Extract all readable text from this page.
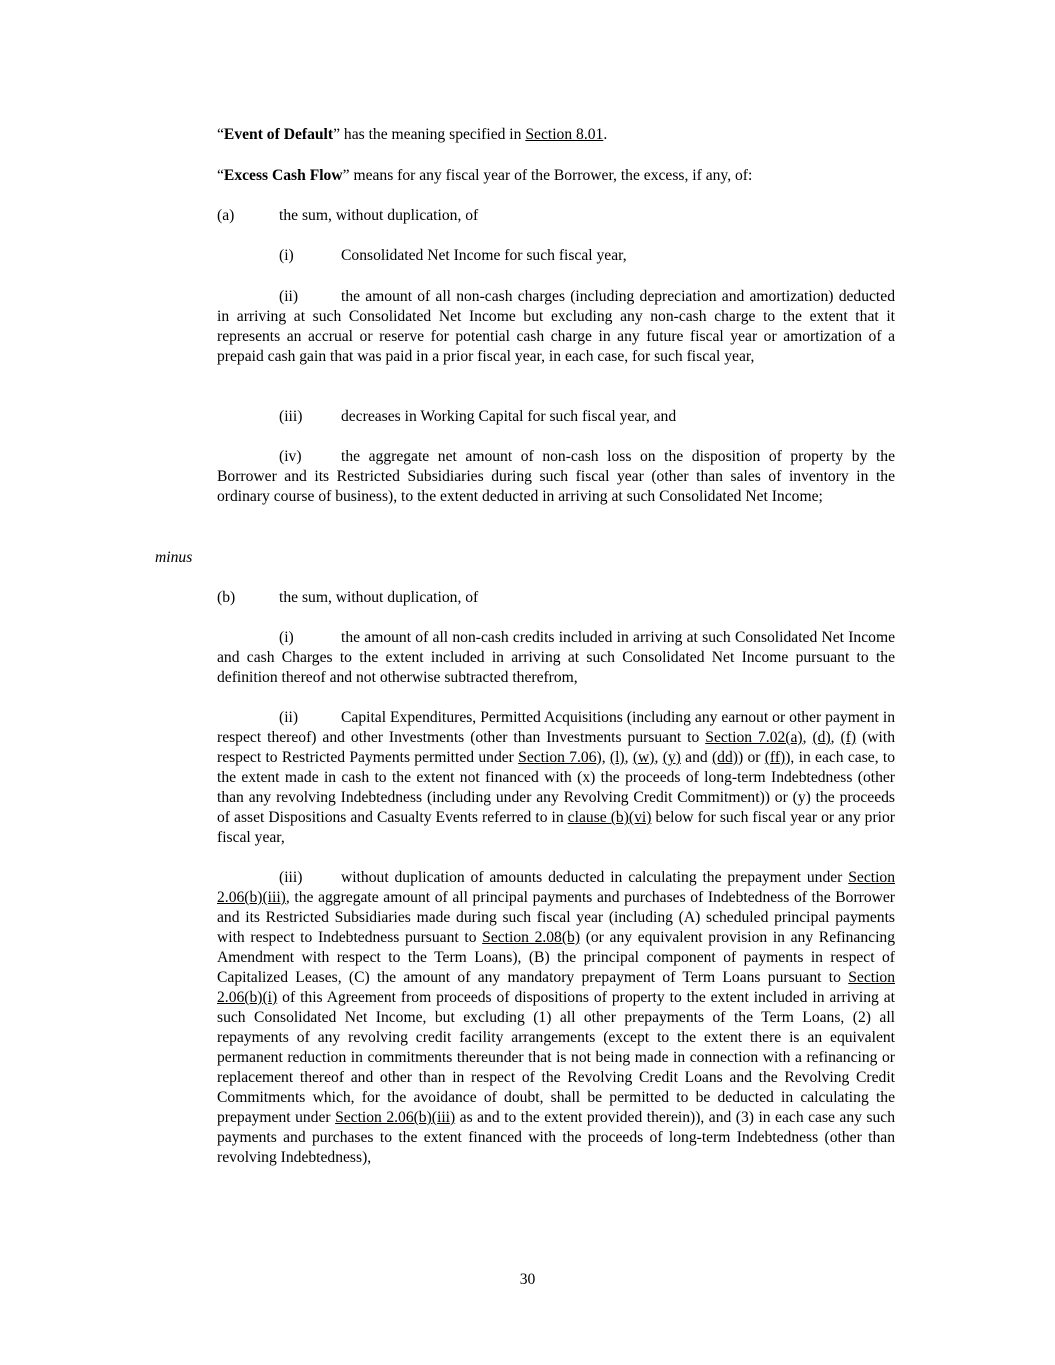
“Event of Default” has the meaning specified in Section 8.01.

“Excess Cash Flow” means for any fiscal year of the Borrower, the excess, if any, of:

(a)	the sum, without duplication, of

(i)	Consolidated Net Income for such fiscal year,

(ii)	the amount of all non-cash charges (including depreciation and amortization) deducted in arriving at such Consolidated Net Income but excluding any non-cash charge to the extent that it represents an accrual or reserve for potential cash charge in any future fiscal year or amortization of a prepaid cash gain that was paid in a prior fiscal year, in each case, for such fiscal year,

(iii) decreases in Working Capital for such fiscal year, and

(iv)	the aggregate net amount of non-cash loss on the disposition of property by the Borrower and its Restricted Subsidiaries during such fiscal year (other than sales of inventory in the ordinary course of business), to the extent deducted in arriving at such Consolidated Net Income;

minus

(b)	the sum, without duplication, of

(i)	the amount of all non-cash credits included in arriving at such Consolidated Net Income and cash Charges to the extent included in arriving at such Consolidated Net Income pursuant to the definition thereof and not otherwise subtracted therefrom,

(ii)	Capital Expenditures, Permitted Acquisitions (including any earnout or other payment in respect thereof) and other Investments (other than Investments pursuant to Section 7.02(a), (d), (f) (with respect to Restricted Payments permitted under Section 7.06), (l), (w), (y) and (dd)) or (ff)), in each case, to the extent made in cash to the extent not financed with (x) the proceeds of long-term Indebtedness (other than any revolving Indebtedness (including under any Revolving Credit Commitment)) or (y) the proceeds of asset Dispositions and Casualty Events referred to in clause (b)(vi) below for such fiscal year or any prior fiscal year,

(iii) without duplication of amounts deducted in calculating the prepayment under Section 2.06(b)(iii), the aggregate amount of all principal payments and purchases of Indebtedness of the Borrower and its Restricted Subsidiaries made during such fiscal year (including (A) scheduled principal payments with respect to Indebtedness pursuant to Section 2.08(b) (or any equivalent provision in any Refinancing Amendment with respect to the Term Loans), (B) the principal component of payments in respect of Capitalized Leases, (C) the amount of any mandatory prepayment of Term Loans pursuant to Section 2.06(b)(i) of this Agreement from proceeds of dispositions of property to the extent included in arriving at such Consolidated Net Income, but excluding (1) all other prepayments of the Term Loans, (2) all repayments of any revolving credit facility arrangements (except to the extent there is an equivalent permanent reduction in commitments thereunder that is not being made in connection with a refinancing or replacement thereof and other than in respect of the Revolving Credit Loans and the Revolving Credit Commitments which, for the avoidance of doubt, shall be permitted to be deducted in calculating the prepayment under Section 2.06(b)(iii) as and to the extent provided therein)), and (3) in each case any such payments and purchases to the extent financed with the proceeds of long-term Indebtedness (other than revolving Indebtedness),

30
